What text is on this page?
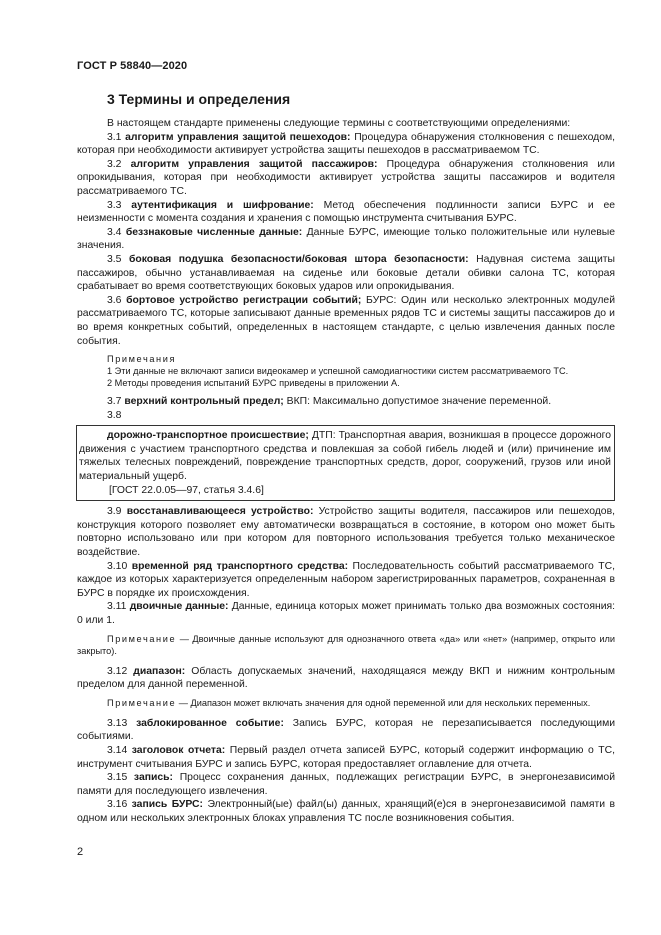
ГОСТ Р 58840—2020
3 Термины и определения

В настоящем стандарте применены следующие термины с соответствующими определениями:

3.1 алгоритм управления защитой пешеходов: Процедура обнаружения столкновения с пешеходом, которая при необходимости активирует устройства защиты пешеходов в рассматриваемом ТС.

3.2 алгоритм управления защитой пассажиров: Процедура обнаружения столкновения или опрокидывания, которая при необходимости активирует устройства защиты пассажиров и водителя рассматриваемого ТС.

3.3 аутентификация и шифрование: Метод обеспечения подлинности записи БУРС и ее неизменности с момента создания и хранения с помощью инструмента считывания БУРС.

3.4 беззнаковые численные данные: Данные БУРС, имеющие только положительные или нулевые значения.

3.5 боковая подушка безопасности/боковая штора безопасности: Надувная система защиты пассажиров, обычно устанавливаемая на сиденье или боковые детали обивки салона ТС, которая срабатывает во время соответствующих боковых ударов или опрокидывания.

3.6 бортовое устройство регистрации событий; БУРС: Один или несколько электронных модулей рассматриваемого ТС, которые записывают данные временных рядов ТС и системы защиты пассажиров до и во время конкретных событий, определенных в настоящем стандарте, с целью извлечения данных после события.

Примечания
1 Эти данные не включают записи видеокамер и успешной самодиагностики систем рассматриваемого ТС.
2 Методы проведения испытаний БУРС приведены в приложении А.

3.7 верхний контрольный предел; ВКП: Максимально допустимое значение переменной.

3.8

дорожно-транспортное происшествие; ДТП: Транспортная авария, возникшая в процессе дорожного движения с участием транспортного средства и повлекшая за собой гибель людей и (или) причинение им тяжелых телесных повреждений, повреждение транспортных средств, дорог, сооружений, грузов или иной материальный ущерб.

[ГОСТ 22.0.05—97, статья 3.4.6]

3.9 восстанавливающееся устройство: Устройство защиты водителя, пассажиров или пешеходов, конструкция которого позволяет ему автоматически возвращаться в состояние, в котором оно может быть повторно использовано или при котором для повторного использования требуется только механическое воздействие.

3.10 временной ряд транспортного средства: Последовательность событий рассматриваемого ТС, каждое из которых характеризуется определенным набором зарегистрированных параметров, сохраненная в БУРС в порядке их происхождения.

3.11 двоичные данные: Данные, единица которых может принимать только два возможных состояния: 0 или 1.

Примечание — Двоичные данные используют для однозначного ответа «да» или «нет» (например, открыто или закрыто).

3.12 диапазон: Область допускаемых значений, находящаяся между ВКП и нижним контрольным пределом для данной переменной.

Примечание — Диапазон может включать значения для одной переменной или для нескольких переменных.

3.13 заблокированное событие: Запись БУРС, которая не перезаписывается последующими событиями.

3.14 заголовок отчета: Первый раздел отчета записей БУРС, который содержит информацию о ТС, инструмент считывания БУРС и запись БУРС, которая предоставляет оглавление для отчета.

3.15 запись: Процесс сохранения данных, подлежащих регистрации БУРС, в энергонезависимой памяти для последующего извлечения.

3.16 запись БУРС: Электронный(ые) файл(ы) данных, хранящий(е)ся в энергонезависимой памяти в одном или нескольких электронных блоках управления ТС после возникновения события.

2
